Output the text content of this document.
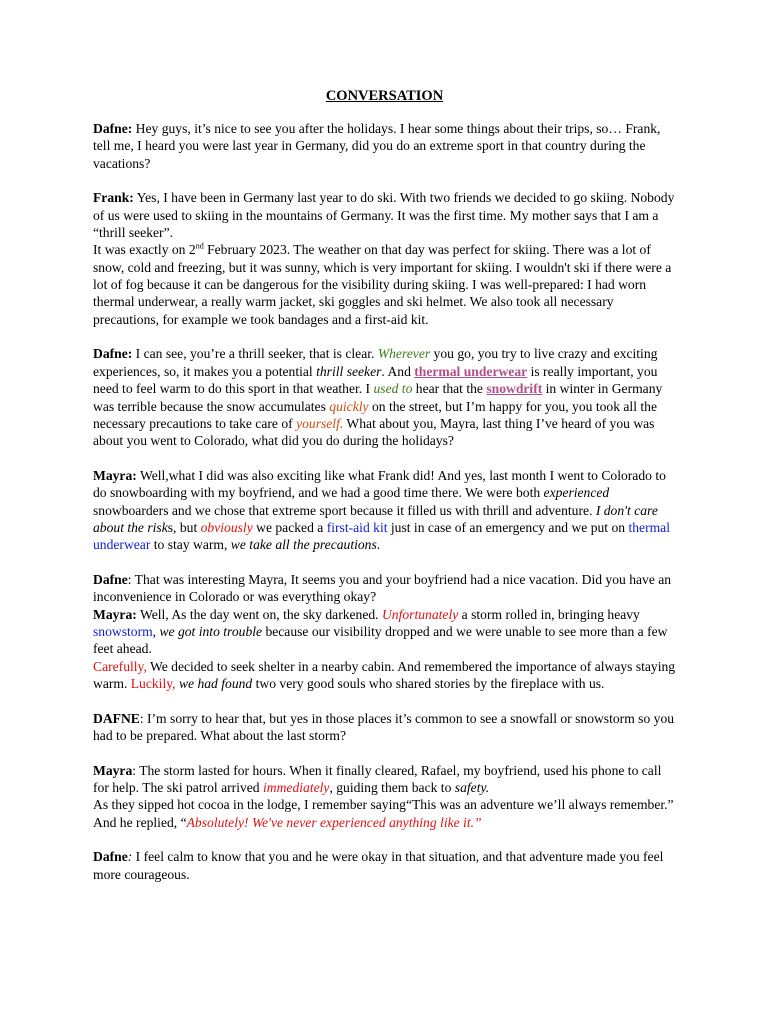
CONVERSATION

Dafne: Hey guys, it’s nice to see you after the holidays. I hear some things about their trips, so… Frank, tell me, I heard you were last year in Germany, did you do an extreme sport in that country during the vacations?

Frank: Yes, I have been in Germany last year to do ski. With two friends we decided to go skiing. Nobody of us were used to skiing in the mountains of Germany. It was the first time. My mother says that I am a “thrill seeker”.
It was exactly on 2nd February 2023. The weather on that day was perfect for skiing. There was a lot of snow, cold and freezing, but it was sunny, which is very important for skiing. I wouldn't ski if there were a lot of fog because it can be dangerous for the visibility during skiing. I was well-prepared: I had worn thermal underwear, a really warm jacket, ski goggles and ski helmet. We also took all necessary precautions, for example we took bandages and a first-aid kit.

Dafne: I can see, you’re a thrill seeker, that is clear. Wherever you go, you try to live crazy and exciting experiences, so, it makes you a potential thrill seeker. And thermal underwear is really important, you need to feel warm to do this sport in that weather. I used to hear that the snowdrift in winter in Germany was terrible because the snow accumulates quickly on the street, but I’m happy for you, you took all the necessary precautions to take care of yourself. What about you, Mayra, last thing I’ve heard of you was about you went to Colorado, what did you do during the holidays?

Mayra: Well,what I did was also exciting like what Frank did! And yes, last month I went to Colorado to do snowboarding with my boyfriend, and we had a good time there. We were both experienced snowboarders and we chose that extreme sport because it filled us with thrill and adventure. I don't care about the risks, but obviously we packed a first-aid kit just in case of an emergency and we put on thermal underwear to stay warm, we take all the precautions.

Dafne: That was interesting Mayra, It seems you and your boyfriend had a nice vacation. Did you have an inconvenience in Colorado or was everything okay?
Mayra: Well, As the day went on, the sky darkened. Unfortunately a storm rolled in, bringing heavy snowstorm, we got into trouble because our visibility dropped and we were unable to see more than a few feet ahead.
Carefully, We decided to seek shelter in a nearby cabin. And remembered the importance of always staying warm. Luckily, we had found two very good souls who shared stories by the fireplace with us.

DAFNE: I’m sorry to hear that, but yes in those places it’s common to see a snowfall or snowstorm so you had to be prepared. What about the last storm?

Mayra: The storm lasted for hours. When it finally cleared, Rafael, my boyfriend, used his phone to call for help. The ski patrol arrived immediately, guiding them back to safety.
As they sipped hot cocoa in the lodge, I remember saying“This was an adventure we’ll always remember.” And he replied, “Absolutely! We've never experienced anything like it.”

Dafne: I feel calm to know that you and he were okay in that situation, and that adventure made you feel more courageous.
